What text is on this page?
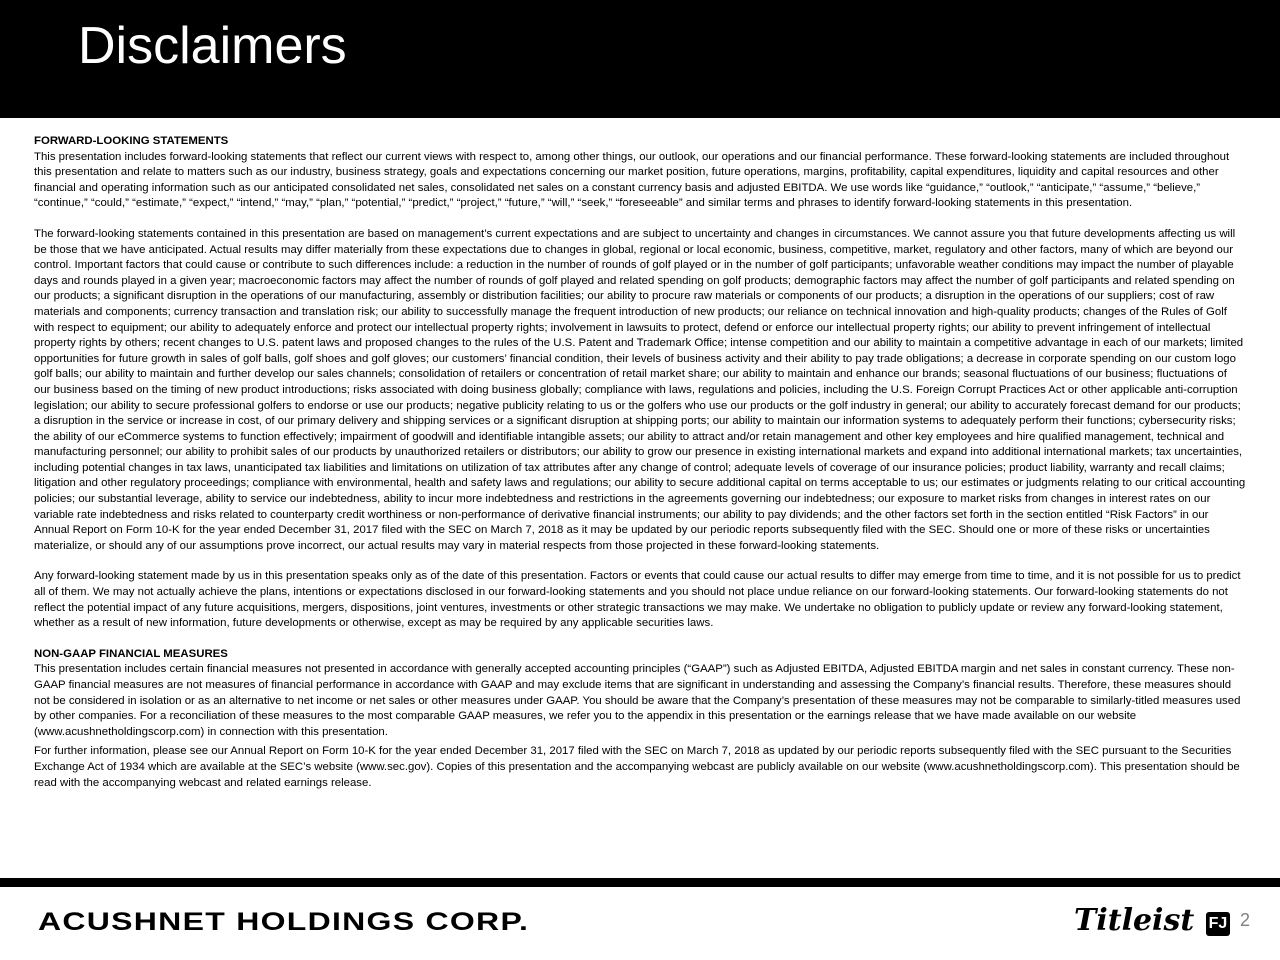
Disclaimers

FORWARD-LOOKING STATEMENTS

This presentation includes forward-looking statements that reflect our current views with respect to, among other things, our outlook, our operations and our financial performance. These forward-looking statements are included throughout this presentation and relate to matters such as our industry, business strategy, goals and expectations concerning our market position, future operations, margins, profitability, capital expenditures, liquidity and capital resources and other financial and operating information such as our anticipated consolidated net sales, consolidated net sales on a constant currency basis and adjusted EBITDA. We use words like “guidance,” “outlook,” “anticipate,” “assume,” “believe,” “continue,” “could,” “estimate,” “expect,” “intend,” “may,” “plan,” “potential,” “predict,” “project,” “future,” “will,” “seek,” “foreseeable” and similar terms and phrases to identify forward-looking statements in this presentation.

The forward-looking statements contained in this presentation are based on management’s current expectations and are subject to uncertainty and changes in circumstances. We cannot assure you that future developments affecting us will be those that we have anticipated. Actual results may differ materially from these expectations due to changes in global, regional or local economic, business, competitive, market, regulatory and other factors, many of which are beyond our control. Important factors that could cause or contribute to such differences include: a reduction in the number of rounds of golf played or in the number of golf participants; unfavorable weather conditions may impact the number of playable days and rounds played in a given year; macroeconomic factors may affect the number of rounds of golf played and related spending on golf products; demographic factors may affect the number of golf participants and related spending on our products; a significant disruption in the operations of our manufacturing, assembly or distribution facilities; our ability to procure raw materials or components of our products; a disruption in the operations of our suppliers; cost of raw materials and components; currency transaction and translation risk; our ability to successfully manage the frequent introduction of new products; our reliance on technical innovation and high-quality products; changes of the Rules of Golf with respect to equipment; our ability to adequately enforce and protect our intellectual property rights; involvement in lawsuits to protect, defend or enforce our intellectual property rights; our ability to prevent infringement of intellectual property rights by others; recent changes to U.S. patent laws and proposed changes to the rules of the U.S. Patent and Trademark Office; intense competition and our ability to maintain a competitive advantage in each of our markets; limited opportunities for future growth in sales of golf balls, golf shoes and golf gloves; our customers’ financial condition, their levels of business activity and their ability to pay trade obligations; a decrease in corporate spending on our custom logo golf balls; our ability to maintain and further develop our sales channels; consolidation of retailers or concentration of retail market share; our ability to maintain and enhance our brands; seasonal fluctuations of our business; fluctuations of our business based on the timing of new product introductions; risks associated with doing business globally; compliance with laws, regulations and policies, including the U.S. Foreign Corrupt Practices Act or other applicable anti-corruption legislation; our ability to secure professional golfers to endorse or use our products; negative publicity relating to us or the golfers who use our products or the golf industry in general; our ability to accurately forecast demand for our products; a disruption in the service or increase in cost, of our primary delivery and shipping services or a significant disruption at shipping ports; our ability to maintain our information systems to adequately perform their functions; cybersecurity risks; the ability of our eCommerce systems to function effectively; impairment of goodwill and identifiable intangible assets; our ability to attract and/or retain management and other key employees and hire qualified management, technical and manufacturing personnel; our ability to prohibit sales of our products by unauthorized retailers or distributors; our ability to grow our presence in existing international markets and expand into additional international markets; tax uncertainties, including potential changes in tax laws, unanticipated tax liabilities and limitations on utilization of tax attributes after any change of control; adequate levels of coverage of our insurance policies; product liability, warranty and recall claims; litigation and other regulatory proceedings; compliance with environmental, health and safety laws and regulations; our ability to secure additional capital on terms acceptable to us; our estimates or judgments relating to our critical accounting policies; our substantial leverage, ability to service our indebtedness, ability to incur more indebtedness and restrictions in the agreements governing our indebtedness; our exposure to market risks from changes in interest rates on our variable rate indebtedness and risks related to counterparty credit worthiness or non-performance of derivative financial instruments; our ability to pay dividends; and the other factors set forth in the section entitled “Risk Factors” in our Annual Report on Form 10-K for the year ended December 31, 2017 filed with the SEC on March 7, 2018 as it may be updated by our periodic reports subsequently filed with the SEC. Should one or more of these risks or uncertainties materialize, or should any of our assumptions prove incorrect, our actual results may vary in material respects from those projected in these forward-looking statements.

Any forward-looking statement made by us in this presentation speaks only as of the date of this presentation. Factors or events that could cause our actual results to differ may emerge from time to time, and it is not possible for us to predict all of them. We may not actually achieve the plans, intentions or expectations disclosed in our forward-looking statements and you should not place undue reliance on our forward-looking statements. Our forward-looking statements do not reflect the potential impact of any future acquisitions, mergers, dispositions, joint ventures, investments or other strategic transactions we may make. We undertake no obligation to publicly update or review any forward-looking statement, whether as a result of new information, future developments or otherwise, except as may be required by any applicable securities laws.

NON-GAAP FINANCIAL MEASURES

This presentation includes certain financial measures not presented in accordance with generally accepted accounting principles (“GAAP”) such as Adjusted EBITDA, Adjusted EBITDA margin and net sales in constant currency. These non-GAAP financial measures are not measures of financial performance in accordance with GAAP and may exclude items that are significant in understanding and assessing the Company’s financial results. Therefore, these measures should not be considered in isolation or as an alternative to net income or net sales or other measures under GAAP. You should be aware that the Company’s presentation of these measures may not be comparable to similarly-titled measures used by other companies. For a reconciliation of these measures to the most comparable GAAP measures, we refer you to the appendix in this presentation or the earnings release that we have made available on our website (www.acushnetholdingscorp.com) in connection with this presentation.

For further information, please see our Annual Report on Form 10-K for the year ended December 31, 2017 filed with the SEC on March 7, 2018 as updated by our periodic reports subsequently filed with the SEC pursuant to the Securities Exchange Act of 1934 which are available at the SEC’s website (www.sec.gov). Copies of this presentation and the accompanying webcast are publicly available on our website (www.acushnetholdingscorp.com). This presentation should be read with the accompanying webcast and related earnings release.

ACUSHNET HOLDINGS CORP.	Titleist FJ 2
